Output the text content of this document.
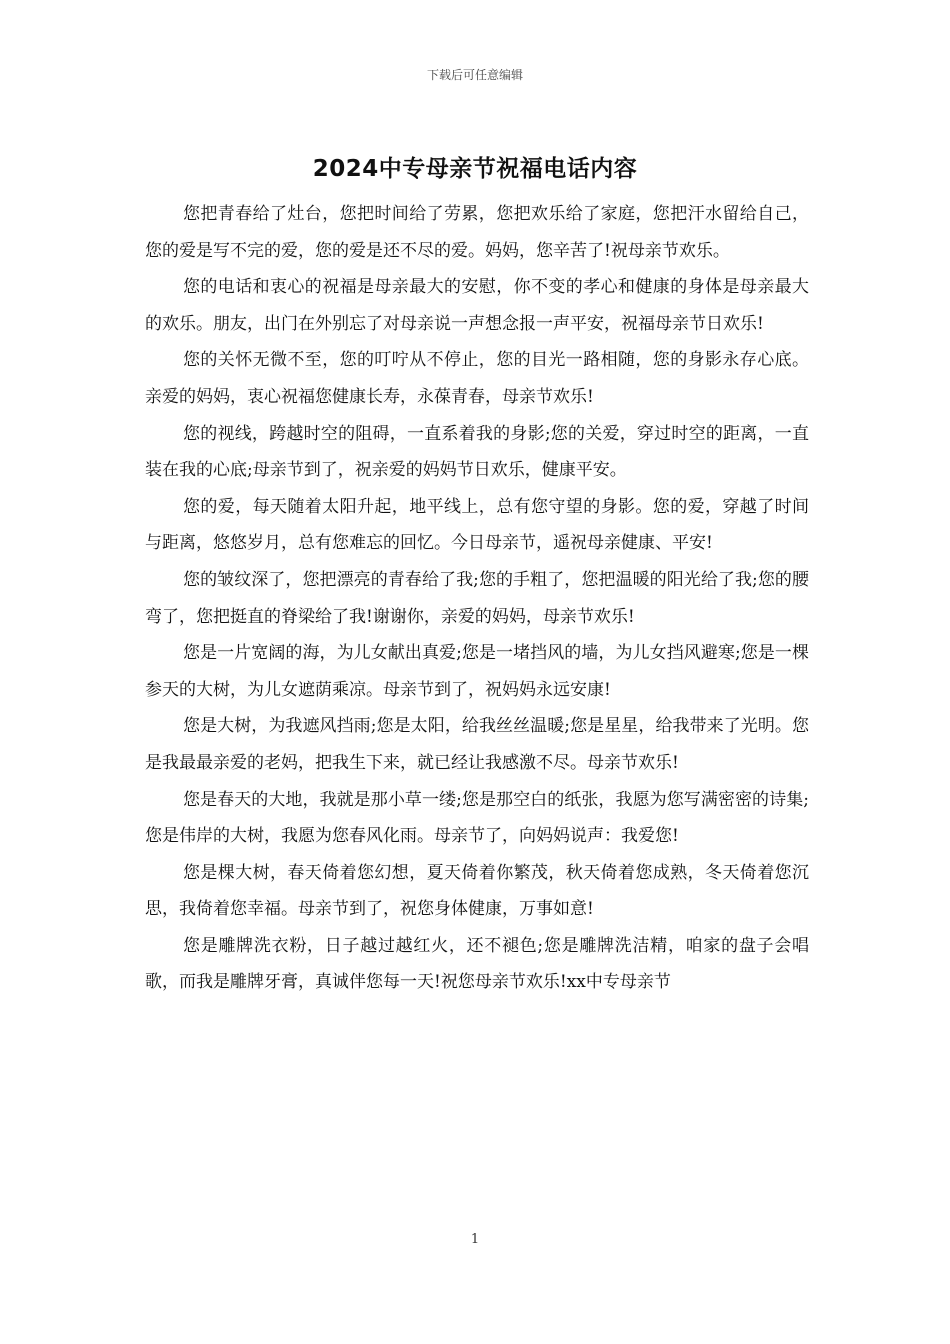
下载后可任意编辑
2024中专母亲节祝福电话内容

您把青春给了灶台，您把时间给了劳累，您把欢乐给了家庭，您把汗水留给自己，您的爱是写不完的爱，您的爱是还不尽的爱。妈妈，您辛苦了!祝母亲节欢乐。

您的电话和衷心的祝福是母亲最大的安慰，你不变的孝心和健康的身体是母亲最大的欢乐。朋友，出门在外别忘了对母亲说一声想念报一声平安，祝福母亲节日欢乐!

您的关怀无微不至，您的叮咛从不停止，您的目光一路相随，您的身影永存心底。亲爱的妈妈，衷心祝福您健康长寿，永葆青春，母亲节欢乐!

您的视线，跨越时空的阻碍，一直系着我的身影;您的关爱，穿过时空的距离，一直装在我的心底;母亲节到了，祝亲爱的妈妈节日欢乐，健康平安。

您的爱，每天随着太阳升起，地平线上，总有您守望的身影。您的爱，穿越了时间与距离，悠悠岁月，总有您难忘的回忆。今日母亲节，遥祝母亲健康、平安!

您的皱纹深了，您把漂亮的青春给了我;您的手粗了，您把温暖的阳光给了我;您的腰弯了，您把挺直的脊梁给了我!谢谢你，亲爱的妈妈，母亲节欢乐!

您是一片宽阔的海，为儿女献出真爱;您是一堵挡风的墙，为儿女挡风避寒;您是一棵参天的大树，为儿女遮荫乘凉。母亲节到了，祝妈妈永远安康!

您是大树，为我遮风挡雨;您是太阳，给我丝丝温暖;您是星星，给我带来了光明。您是我最最亲爱的老妈，把我生下来，就已经让我感激不尽。母亲节欢乐!

您是春天的大地，我就是那小草一缕;您是那空白的纸张，我愿为您写满密密的诗集;您是伟岸的大树，我愿为您春风化雨。母亲节了，向妈妈说声：我爱您!

您是棵大树，春天倚着您幻想，夏天倚着你繁茂，秋天倚着您成熟，冬天倚着您沉思，我倚着您幸福。母亲节到了，祝您身体健康，万事如意!

您是雕牌洗衣粉，日子越过越红火，还不褪色;您是雕牌洗洁精，咱家的盘子会唱歌，而我是雕牌牙膏，真诚伴您每一天!祝您母亲节欢乐!xx中专母亲节

1
